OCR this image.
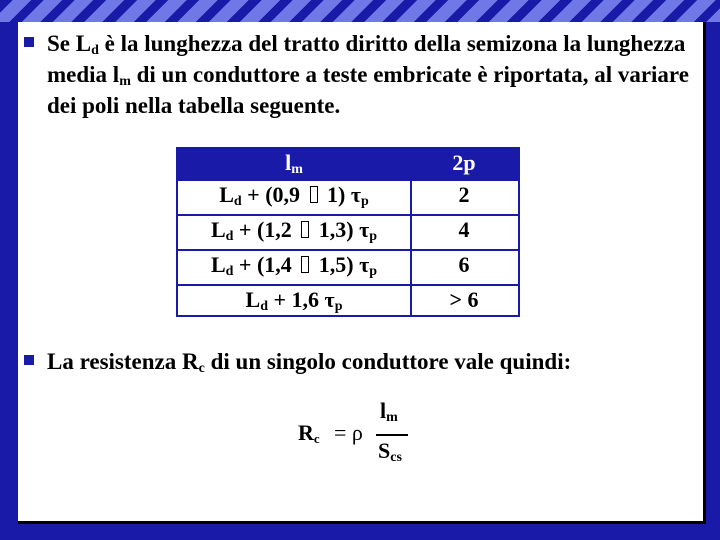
Se $L_d$ è la lunghezza del tratto diritto della semizona la lunghezza media $l_m$ di un conduttore a teste embricate è riportata, al variare dei poli nella tabella seguente.
$l_m$	2p
$L_d + (0,9$  1) $\tau_p$	2
$L_d + (1,2$  1,3) $\tau_p$	4
$L_d + (1,4$  1,5) $\tau_p$	6
$L_d + 1,6$ $\tau_p$	> 6
La resistenza $R_c$ di un singolo conduttore vale quindi:
$R_c = \rho$
$l_m$
$S_{cs}$
